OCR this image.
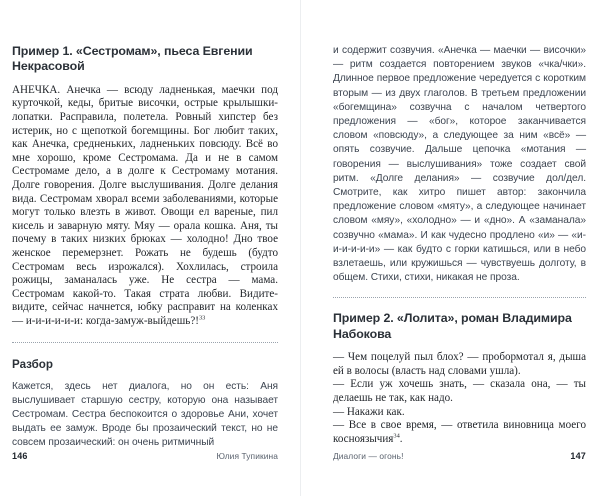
Пример 1. «Сестромам», пьеса Евгении Некрасовой

АНЕЧКА. Анечка — всюду ладненькая, маечки под курточкой, кеды, бритые височки, острые крылышки-лопатки. Расправила, полетела. Ровный хипстер без истерик, но с щепоткой богемщины. Бог любит таких, как Анечка, средненьких, ладненьких повсюду. Всё во мне хорошо, кроме Сестромама. Да и не в самом Сестромаме дело, а в долге к Сестромаму мотания. Долге говорения. Долге выслушивания. Долге делания вида. Сестромам хворал всеми заболеваниями, которые могут только влезть в живот. Овощи ел вареные, пил кисель и заварную мяту. Мяу — орала кошка. Аня, ты почему в таких низких брюках — холодно! Дно твое женское перемерзнет. Рожать не будешь (будто Сестромам весь изрожался). Хохлилась, строила рожицы, заманалась уже. Не сестра — мама. Сестромам какой-то. Такая страта любви. Видите-видите, сейчас начнется, юбку расправит на коленках — и-и-и-и-и-и: когда-замуж-выйдешь?!$^{33}$

Разбор

Кажется, здесь нет диалога, но он есть: Аня выслушивает старшую сестру, которую она называет Сестромам. Сестра беспокоится о здоровье Ани, хочет выдать ее замуж. Вроде бы прозаический текст, но не совсем прозаический: он очень ритмичный

146	Юлия Тупикина

и содержит созвучия. «Анечка — маечки — височки» — ритм создается повторением звуков «чка/чки». Длинное первое предложение чередуется с коротким вторым — из двух глаголов. В третьем предложении «богемщина» созвучна с началом четвертого предложения — «бог», которое заканчивается словом «повсюду», а следующее за ним «всё» — опять созвучие. Дальше цепочка «мотания — говорения — выслушивания» тоже создает свой ритм. «Долге делания» — созвучие дол/дел. Смотрите, как хитро пишет автор: закончила предложение словом «мяту», а следующее начинает словом «мяу», «холодно» — и «дно». А «заманала» созвучно «мама». И как чудесно продлено «и» — «и-и-и-и-и-и» — как будто с горки катишься, или в небо взлетаешь, или кружишься — чувствуешь долготу, в общем. Стихи, стихи, никакая не проза.

Пример 2. «Лолита», роман Владимира Набокова

— Чем поцелуй пыл блох? — пробормотал я, дыша ей в волосы (власть над словами ушла).

— Если уж хочешь знать, — сказала она, — ты делаешь не так, как надо.

— Накажи как.

— Все в свое время, — ответила виновница моего косноязычия$^{34}$.

Диалоги — огонь!	147
